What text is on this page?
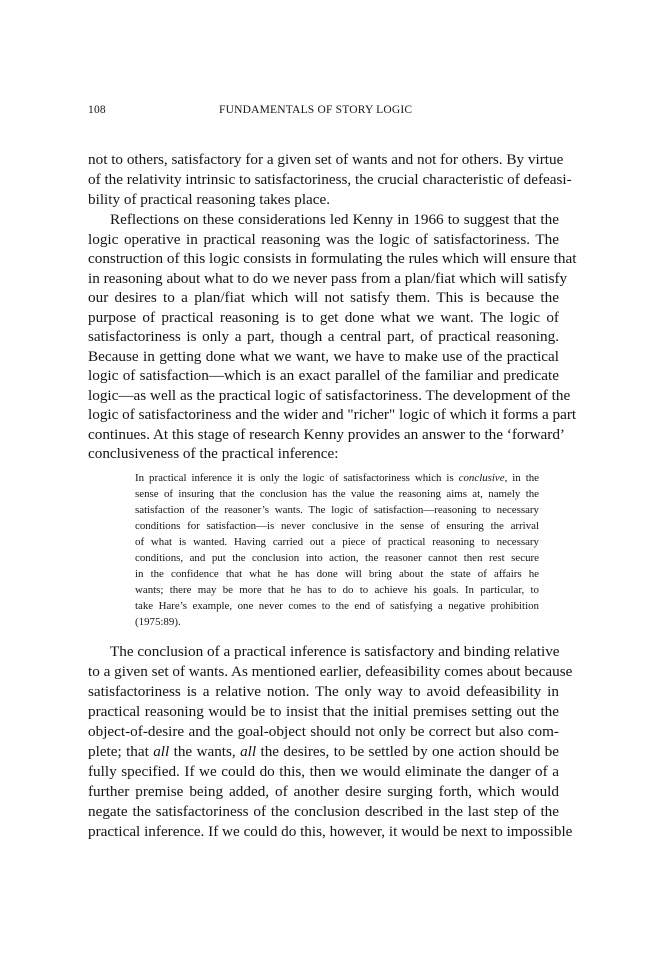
108	FUNDAMENTALS OF STORY LOGIC
not to others, satisfactory for a given set of wants and not for others. By virtue
of the relativity intrinsic to satisfactoriness, the crucial characteristic of defeasi-
bility of practical reasoning takes place.
Reflections on these considerations led Kenny in 1966 to suggest that the
logic operative in practical reasoning was the logic of satisfactoriness. The
construction of this logic consists in formulating the rules which will ensure that
in reasoning about what to do we never pass from a plan/fiat which will satisfy
our desires to a plan/fiat which will not satisfy them. This is because the
purpose of practical reasoning is to get done what we want. The logic of
satisfactoriness is only a part, though a central part, of practical reasoning.
Because in getting done what we want, we have to make use of the practical
logic of satisfaction—which is an exact parallel of the familiar and predicate
logic—as well as the practical logic of satisfactoriness. The development of the
logic of satisfactoriness and the wider and "richer" logic of which it forms a part
continues. At this stage of research Kenny provides an answer to the ‘forward’
conclusiveness of the practical inference:
In practical inference it is only the logic of satisfactoriness which is conclusive, in the
sense of insuring that the conclusion has the value the reasoning aims at, namely the
satisfaction of the reasoner’s wants. The logic of satisfaction—reasoning to necessary
conditions for satisfaction—is never conclusive in the sense of ensuring the arrival
of what is wanted. Having carried out a piece of practical reasoning to necessary
conditions, and put the conclusion into action, the reasoner cannot then rest secure
in the confidence that what he has done will bring about the state of affairs he
wants; there may be more that he has to do to achieve his goals. In particular, to
take Hare’s example, one never comes to the end of satisfying a negative prohibition
(1975:89).
The conclusion of a practical inference is satisfactory and binding relative
to a given set of wants. As mentioned earlier, defeasibility comes about because
satisfactoriness is a relative notion. The only way to avoid defeasibility in
practical reasoning would be to insist that the initial premises setting out the
object-of-desire and the goal-object should not only be correct but also com-
plete; that all the wants, all the desires, to be settled by one action should be
fully specified. If we could do this, then we would eliminate the danger of a
further premise being added, of another desire surging forth, which would
negate the satisfactoriness of the conclusion described in the last step of the
practical inference. If we could do this, however, it would be next to impossible
